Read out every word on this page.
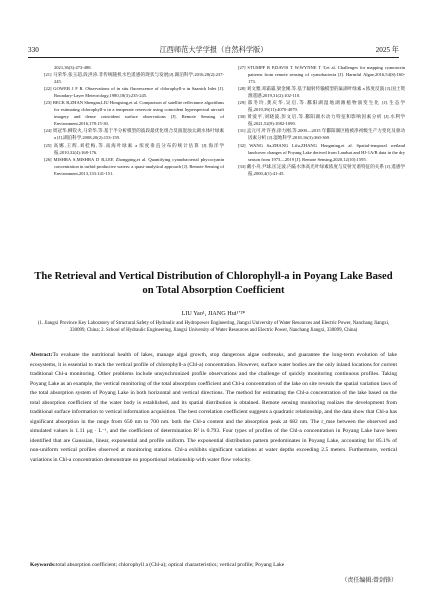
330	江西师范大学学报（自然科学版）	2025 年
2021,36(3):473-488.
[21] 马荣华,张玉超,段洪涛.非传统随机水色遥感的现状与发展[J].湖泊科学,2016,28(2):237-245.
[22] GOWER J F R. Observations of in situ fluorescence of chlorophyll-a in Saanich Inlet [J]. Boundary-Layer Meteorology,1980,18(3):235-245.
[23] BECK R,ZHAN Shengan,LIU Hongxing,et al. Comparison of satellite reflectance algorithms for estimating chlorophyll-a in a temperate reservoir using coincident hyperspectral aircraft imagery and dense coincident surface observations [J]. Remote Sensing of Environment,2016,178:15-30.
[24] 周冠华,柳钦火,马荣华,等.基于半分析模型的波段最优化组合反演混浊太湖水体叶绿素 a [J].湖泊科学,2008,20(2):153-159.
[25] 高娜,王辉,刘桂梅,等.南海叶绿素 a 浓度垂直分布的统计估算 [J].海洋学报,2010,32(4):168-176.
[26] MISHRA S,MISHRA D R,LEE Zhongping,et al. Quantifying cyanobacterial phycocyanin concentration in turbid productive waters: a quasi-analytical approach [J]. Remote Sensing of Environment,2013,133:141-151.
[27] STUMPF R P,DAVIS T W,WYNNE T T,et al. Challenges for mapping cyanotoxin patterns from remote sensing of cyanobacteria [J]. Harmful Algae,2016,54(S):160-173.
[28] 刘文雅,邓霜霜,梁金刚,等.基于辐射传输模型的巢湖叶绿素 a 浓度反演 [J].国土资源遥感,2019,31(2):102-110.
[29] 邵冬玲,龚庆华,吴启,等.鄱阳湖湿地湖滩植物演变生化 [J].生态学报,2019,39(11):4070-4079.
[30] 黄爱平,刘晓波,彭文启,等.鄱阳湖水动力特征和影响因素分析 [J].水利学报,2021,52(9):1082-1090.
[31] 孟元可,叶许春,徐力刚,等.2000—2015 年鄱阳湖区植被净初级生产力变化及驱动因素分析 [J].湿地科学,2018,16(3):360-369.
[32] WANG Sa,ZHANG Lifu,ZHANG Hongming,et al. Spatial-temporal wetland landcover changes of Poyang Lake derived from Landsat and HJ-1A/B data in the dry season from 1973—2019 [J]. Remote Sensing,2020,12(10):1595.
[33] 戴小舟,尹球,匡定波.内陆水体高光叶绿素浓度与反射光谱特征的关系 [J].遥感学报,2000,4(1):41-45.
The Retrieval and Vertical Distribution of Chlorophyll-a in Poyang Lake Based on Total Absorption Coefficient
LIU Yao¹, JIANG Hui¹ʼ²*
(1. Jiangxi Province Key Laboratory of Structural Safety of Hydraulic and Hydropower Engineering, Jiangxi University of Water Resources and Electric Power, Nanchang Jiangxi, 330099, China; 2. School of Hydraulic Engineering, Jiangxi University of Water Resources and Electric Power, Nanchang Jiangxi, 330099, China)
Abstract:To evaluate the nutritional health of lakes, manage algal growth, stop dangerous algae outbreaks, and guarantee the long-term evolution of lake ecosystems, it is essential to track the vertical profile of chlorophyll-a (Chl-a) concentration. However, surface water bodies are the only inland locations for current traditional Chl-a monitoring. Other problems include unsynchronized profile observations and the challenge of quickly monitoring continuous profiles. Taking Poyang Lake as an example, the vertical monitoring of the total absorption coefficient and Chl-a concentration of the lake on site reveals the spatial variation laws of the total absorption system of Poyang Lake in both horizontal and vertical directions. The method for estimating the Chl-a concentration of the lake based on the total absorption coefficient of the water body is established, and its spatial distribution is obtained. Remote sensing monitoring realizes the development from traditional surface information to vertical information acquisition. The best correlation coefficient suggests a quadratic relationship, and the data show that Chl-a has significant absorption in the range from 650 nm to 700 nm. both the Chl-a content and the absorption peak at 682 nm. The r_mse between the observed and simulated values is 1.11 μg · L⁻¹, and the coefficient of determination R² is 0.793. Four types of profiles of the Chl-a concentration in Poyang Lake have been identified that are Gaussian, linear, exponential and profile uniform. The exponential distribution pattern predominates in Poyang Lake, accounting for 85.1% of non-uniform vertical profiles observed at monitoring stations. Chl-a exhibits significant variations at water depths exceeding 2.5 meters. Furthermore, vertical variations in Chl-a concentration demonstrate no proportional relationship with water flow velocity.
Keywords:total absorption coefficient; chlorophyll a (Chl-a); optical characteristics; vertical profile; Poyang Lake
（责任编辑:曾剑锋）
